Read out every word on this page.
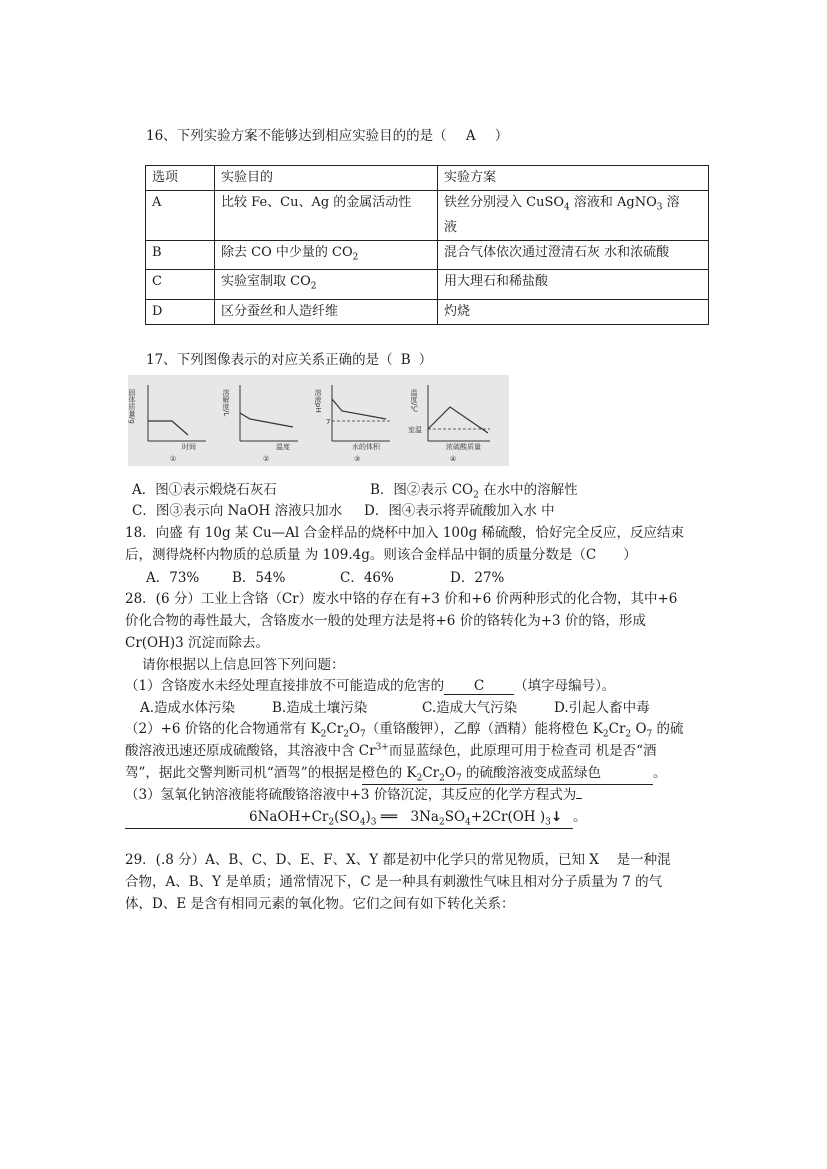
16、下列实验方案不能够达到相应实验目的的是（ A ）
选项	实验目的	实验方案
A	比较 Fe、Cu、Ag 的金属活动性	铁丝分别浸入 CuSO$_4$ 溶液和 AgNO$_3$ 溶
液
B	除去 CO 中少量的 $CO_2$	混合气体依次通过澄清石灰 水和浓硫酸
C	实验室制取 $CO_2$	用大理石和稀盐酸
D	区分蚕丝和人造纤维	灼烧
17、下列图像表示的对应关系正确的是（ B ）
固体质量/g
时间
①
溶解度/L
温度
②
7
溶液pH
水的体积
③
室温
温度/℃
浓硫酸质量
④
A．图①表示煅烧石灰石	B．图②表示 $CO_2$ 在水中的溶解性
C．图③表示向 NaOH 溶液只加水 D．图④表示将弄硫酸加入水 中
18．向盛 有 10g 某 Cu—Al 合金样品的烧杯中加入 100g 稀硫酸，恰好完全反应，反应结束
后，测得烧杯内物质的总质量 为 109.4g。则该合金样品中铜的质量分数是（C　　）
A．73% B．54%	C．46%	D．27%
28．(6 分）工业上含铬（Cr）废水中铬的存在有+3 价和+6 价两种形式的化合物，其中+6
价化合物的毒性最大，含铬废水一般的处理方法是将+6 价的铬转化为+3 价的铬，形成
Cr(OH)3 沉淀而除去。
请你根据以上信息回答下列问题：
（1）含铬废水未经处理直接排放不可能造成的危害的 C （填字母编号）。
A.造成水体污染	B.造成土壤污染	C.造成大气污染	D.引起人畜中毒
（2）+6 价铬的化合物通常有 $K_2Cr_2O_7$（重铬酸钾），乙醇（酒精）能将橙色 $K_2Cr_2$ $O_7$ 的硫
酸溶液迅速还原成硫酸铬，其溶液中含 $Cr^{3+}$而显蓝绿色，此原理可用于检查司 机是否“酒
驾”，据此交警判断司机“酒驾”的根据是橙色的 $K_2Cr_2O_7$ 的硫酸溶液变成蓝绿色	。
（3）氢氧化钠溶液能将硫酸铬溶液中+3 价铬沉淀，其反应的化学方程式为
$6NaOH+Cr_2(SO_4)_3$ ══　$3Na_2SO_4+2Cr(OH$ )$_3↓$ 。
29．(.8 分）A、B、C、D、E、F、X、Y 都是初中化学只的常见物质，已知 X　 是一种混
合物，A、B、Y 是单质；通常情况下，C 是一种具有刺激性气味且相对分子质量为 7 的气
体，D、E 是含有相同元素的氧化物。它们之间有如下转化关系：
